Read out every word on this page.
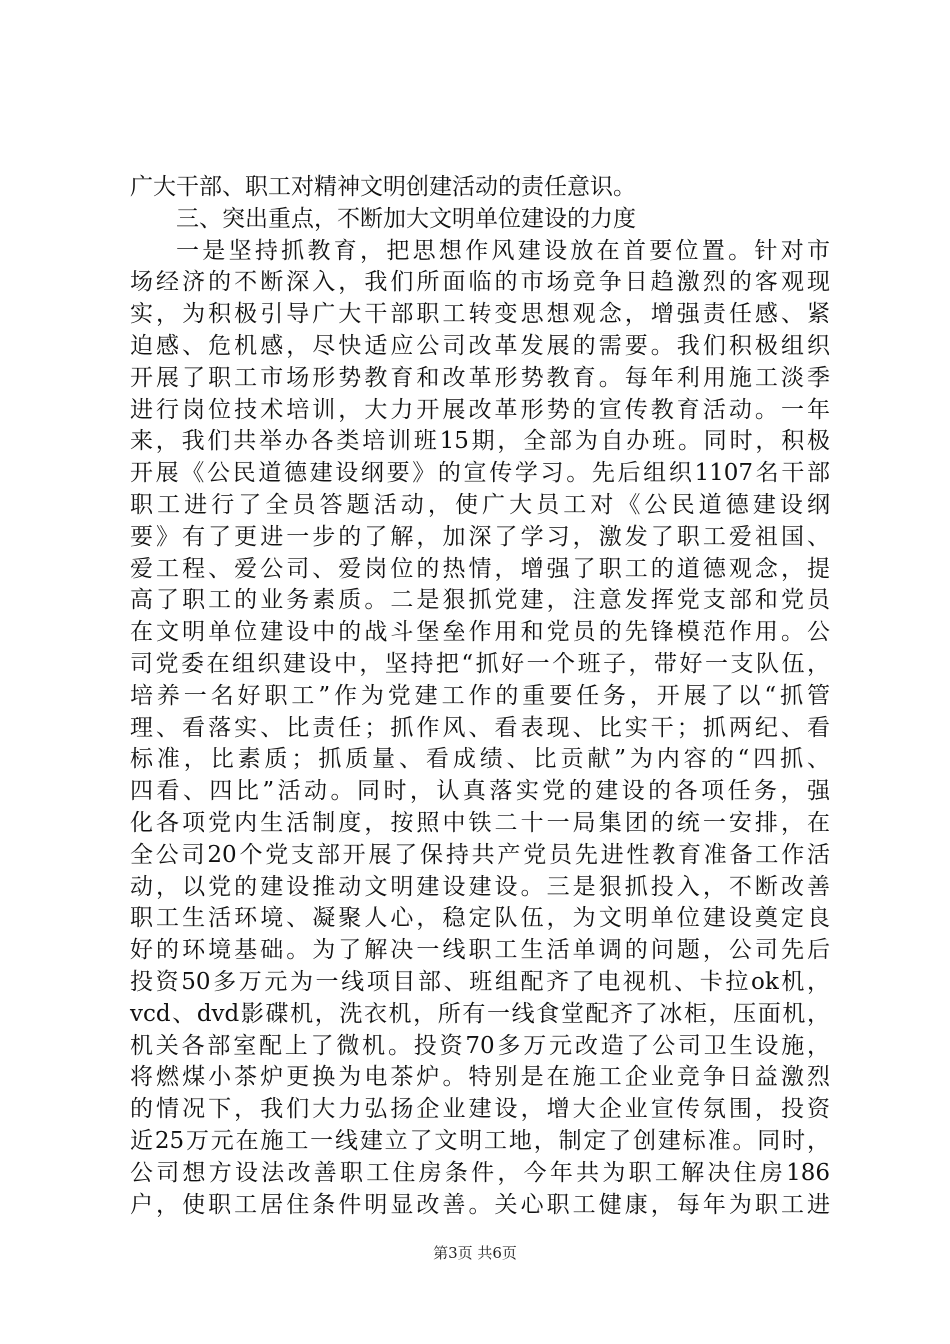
广大干部、职工对精神文明创建活动的责任意识。
三、突出重点，不断加大文明单位建设的力度
一是坚持抓教育，把思想作风建设放在首要位置。针对市
场经济的不断深入，我们所面临的市场竞争日趋激烈的客观现
实，为积极引导广大干部职工转变思想观念，增强责任感、紧
迫感、危机感，尽快适应公司改革发展的需要。我们积极组织
开展了职工市场形势教育和改革形势教育。每年利用施工淡季
进行岗位技术培训，大力开展改革形势的宣传教育活动。一年
来，我们共举办各类培训班15期，全部为自办班。同时，积极
开展《公民道德建设纲要》的宣传学习。先后组织1107名干部
职工进行了全员答题活动，使广大员工对《公民道德建设纲
要》有了更进一步的了解，加深了学习，激发了职工爱祖国、
爱工程、爱公司、爱岗位的热情，增强了职工的道德观念，提
高了职工的业务素质。二是狠抓党建，注意发挥党支部和党员
在文明单位建设中的战斗堡垒作用和党员的先锋模范作用。公
司党委在组织建设中，坚持把“抓好一个班子，带好一支队伍，
培养一名好职工”作为党建工作的重要任务，开展了以“抓管
理、看落实、比责任；抓作风、看表现、比实干；抓两纪、看
标准，比素质；抓质量、看成绩、比贡献”为内容的“四抓、
四看、四比”活动。同时，认真落实党的建设的各项任务，强
化各项党内生活制度，按照中铁二十一局集团的统一安排，在
全公司20个党支部开展了保持共产党员先进性教育准备工作活
动，以党的建设推动文明建设建设。三是狠抓投入，不断改善
职工生活环境、凝聚人心，稳定队伍，为文明单位建设奠定良
好的环境基础。为了解决一线职工生活单调的问题，公司先后
投资50多万元为一线项目部、班组配齐了电视机、卡拉ok机，
vcd、dvd影碟机，洗衣机，所有一线食堂配齐了冰柜，压面机，
机关各部室配上了微机。投资70多万元改造了公司卫生设施，
将燃煤小茶炉更换为电茶炉。特别是在施工企业竞争日益激烈
的情况下，我们大力弘扬企业建设，增大企业宣传氛围，投资
近25万元在施工一线建立了文明工地，制定了创建标准。同时，
公司想方设法改善职工住房条件，今年共为职工解决住房186
户，使职工居住条件明显改善。关心职工健康，每年为职工进
第3页 共6页
